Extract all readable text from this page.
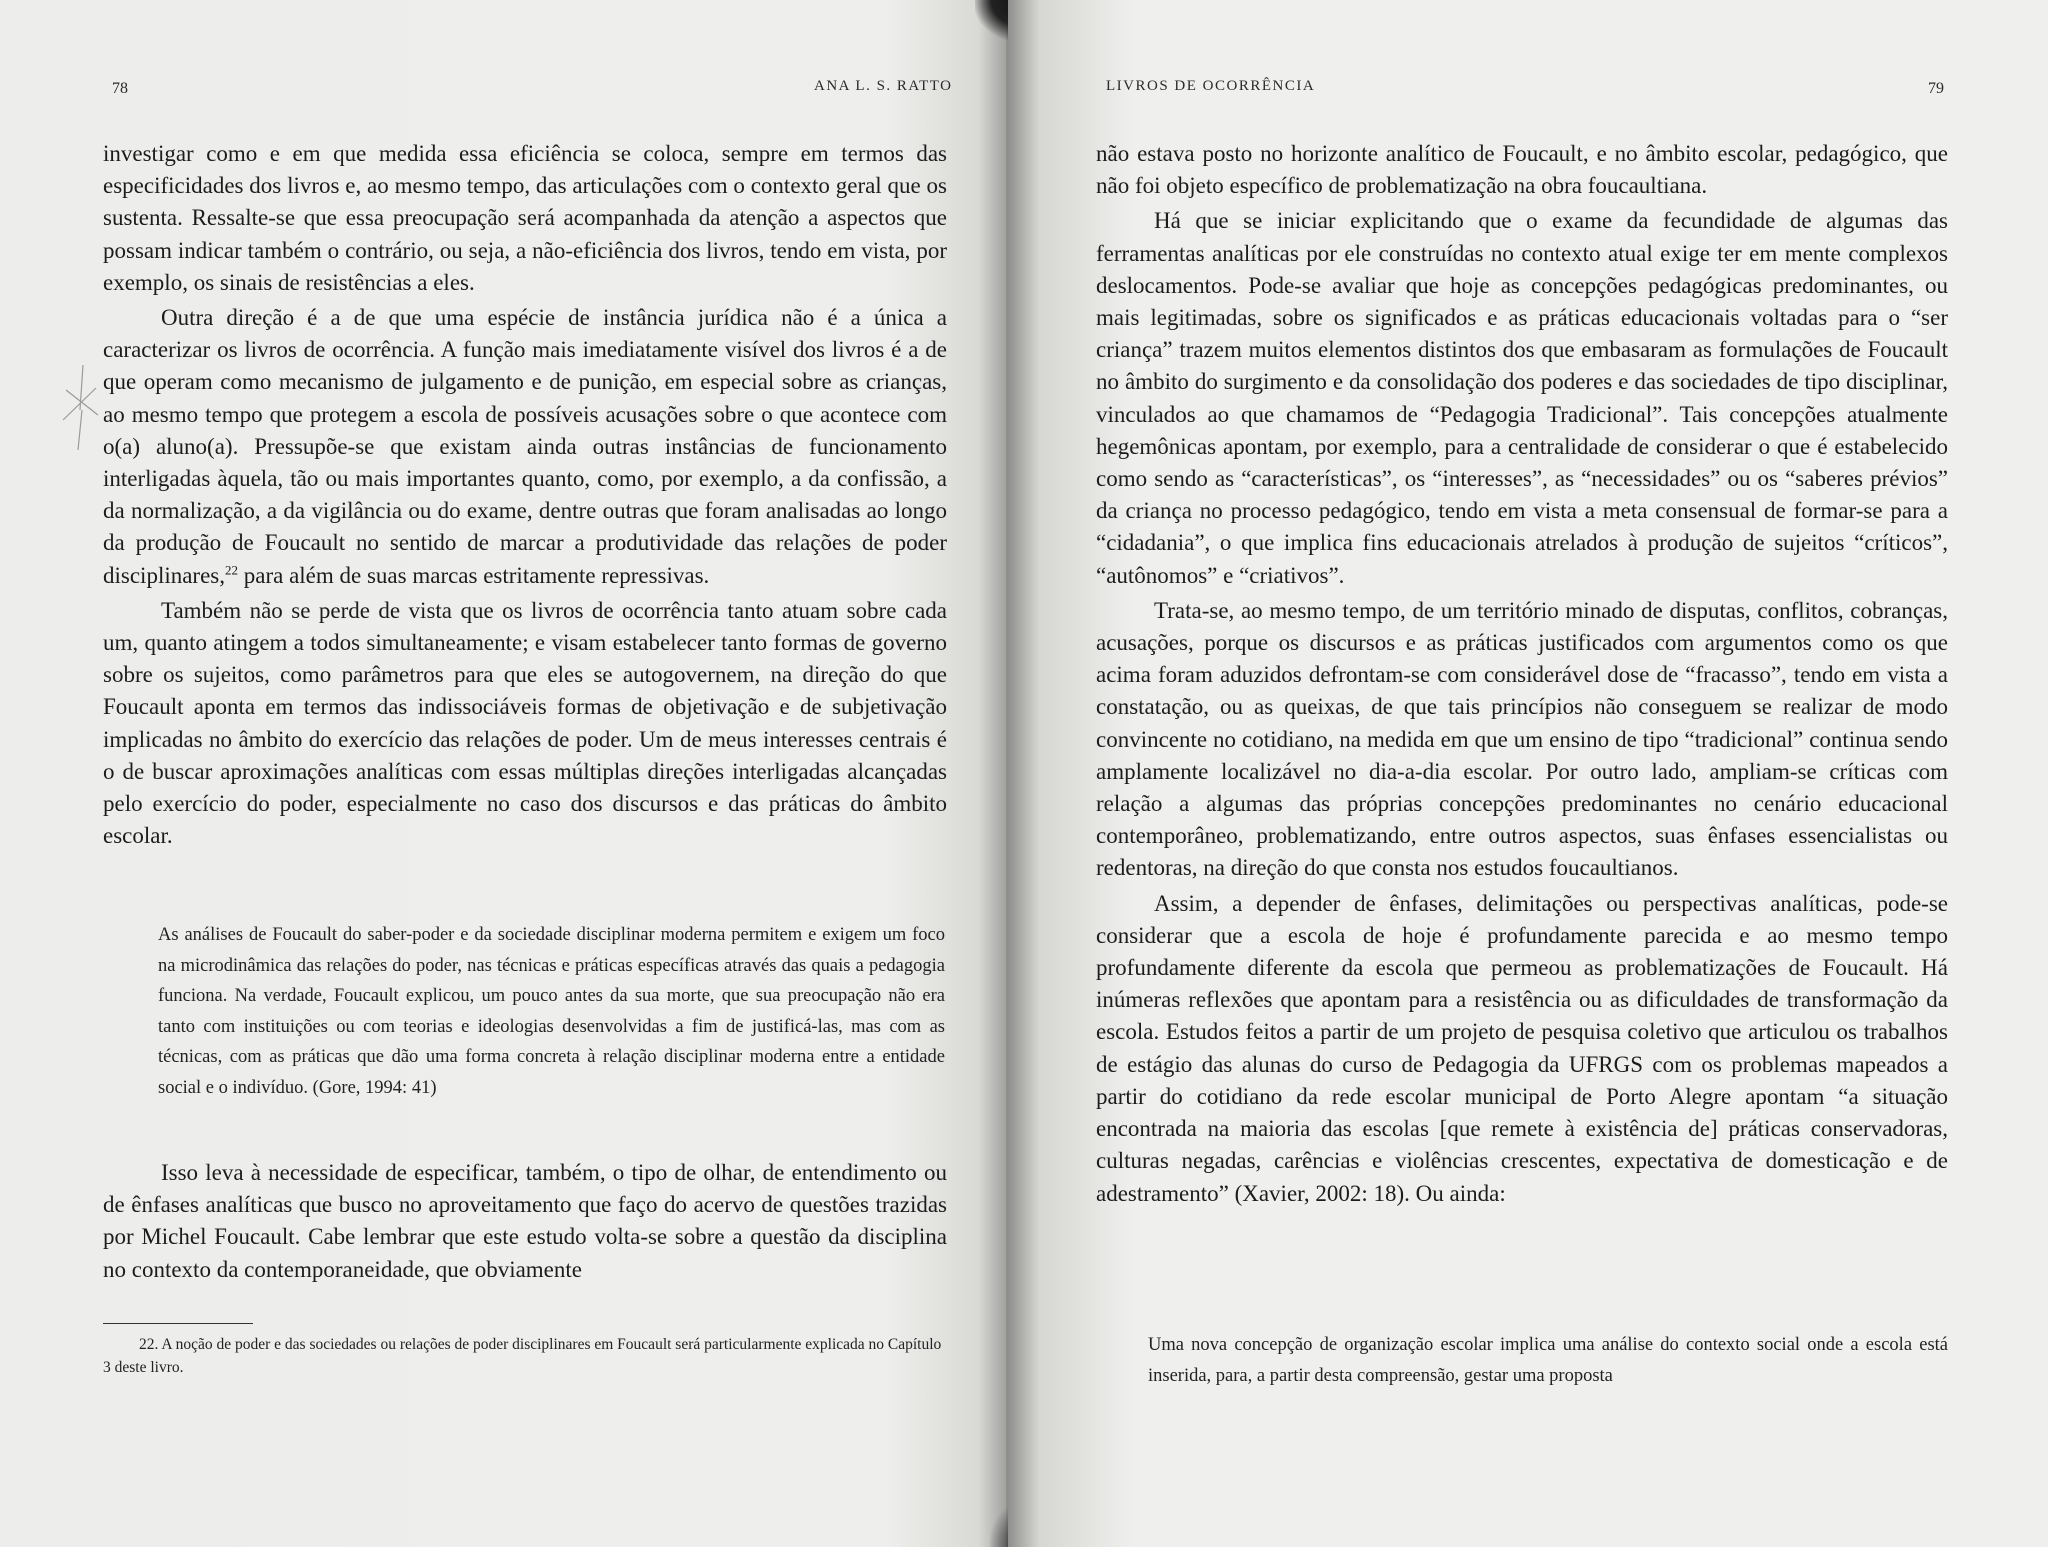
78	ANA L. S. RATTO

investigar como e em que medida essa eficiência se coloca, sempre em termos das especificidades dos livros e, ao mesmo tempo, das articulações com o contexto geral que os sustenta. Ressalte-se que essa preocupação será acompanhada da atenção a aspectos que possam indicar também o contrário, ou seja, a não-eficiência dos livros, tendo em vista, por exemplo, os sinais de resistências a eles.

Outra direção é a de que uma espécie de instância jurídica não é a única a caracterizar os livros de ocorrência. A função mais imediatamente visível dos livros é a de que operam como mecanismo de julgamento e de punição, em especial sobre as crianças, ao mesmo tempo que protegem a escola de possíveis acusações sobre o que acontece com o(a) aluno(a). Pressupõe-se que existam ainda outras instâncias de funcionamento interligadas àquela, tão ou mais importantes quanto, como, por exemplo, a da confissão, a da normalização, a da vigilância ou do exame, dentre outras que foram analisadas ao longo da produção de Foucault no sentido de marcar a produtividade das relações de poder disciplinares,$^{22}$ para além de suas marcas estritamente repressivas.

Também não se perde de vista que os livros de ocorrência tanto atuam sobre cada um, quanto atingem a todos simultaneamente; e visam estabelecer tanto formas de governo sobre os sujeitos, como parâmetros para que eles se autogovernem, na direção do que Foucault aponta em termos das indissociáveis formas de objetivação e de subjetivação implicadas no âmbito do exercício das relações de poder. Um de meus interesses centrais é o de buscar aproximações analíticas com essas múltiplas direções interligadas alcançadas pelo exercício do poder, especialmente no caso dos discursos e das práticas do âmbito escolar.

As análises de Foucault do saber-poder e da sociedade disciplinar moderna permitem e exigem um foco na microdinâmica das relações do poder, nas técnicas e práticas específicas através das quais a pedagogia funciona. Na verdade, Foucault explicou, um pouco antes da sua morte, que sua preocupação não era tanto com instituições ou com teorias e ideologias desenvolvidas a fim de justificá-las, mas com as técnicas, com as práticas que dão uma forma concreta à relação disciplinar moderna entre a entidade social e o indivíduo. (Gore, 1994: 41)

Isso leva à necessidade de especificar, também, o tipo de olhar, de entendimento ou de ênfases analíticas que busco no aproveitamento que faço do acervo de questões trazidas por Michel Foucault. Cabe lembrar que este estudo volta-se sobre a questão da disciplina no contexto da contemporaneidade, que obviamente

22. A noção de poder e das sociedades ou relações de poder disciplinares em Foucault será particularmente explicada no Capítulo 3 deste livro.

LIVROS DE OCORRÊNCIA	79

não estava posto no horizonte analítico de Foucault, e no âmbito escolar, pedagógico, que não foi objeto específico de problematização na obra foucaultiana.

Há que se iniciar explicitando que o exame da fecundidade de algumas das ferramentas analíticas por ele construídas no contexto atual exige ter em mente complexos deslocamentos. Pode-se avaliar que hoje as concepções pedagógicas predominantes, ou mais legitimadas, sobre os significados e as práticas educacionais voltadas para o “ser criança” trazem muitos elementos distintos dos que embasaram as formulações de Foucault no âmbito do surgimento e da consolidação dos poderes e das sociedades de tipo disciplinar, vinculados ao que chamamos de “Pedagogia Tradicional”. Tais concepções atualmente hegemônicas apontam, por exemplo, para a centralidade de considerar o que é estabelecido como sendo as “características”, os “interesses”, as “necessidades” ou os “saberes prévios” da criança no processo pedagógico, tendo em vista a meta consensual de formar-se para a “cidadania”, o que implica fins educacionais atrelados à produção de sujeitos “críticos”, “autônomos” e “criativos”.

Trata-se, ao mesmo tempo, de um território minado de disputas, conflitos, cobranças, acusações, porque os discursos e as práticas justificados com argumentos como os que acima foram aduzidos defrontam-se com considerável dose de “fracasso”, tendo em vista a constatação, ou as queixas, de que tais princípios não conseguem se realizar de modo convincente no cotidiano, na medida em que um ensino de tipo “tradicional” continua sendo amplamente localizável no dia-a-dia escolar. Por outro lado, ampliam-se críticas com relação a algumas das próprias concepções predominantes no cenário educacional contemporâneo, problematizando, entre outros aspectos, suas ênfases essencialistas ou redentoras, na direção do que consta nos estudos foucaultianos.

Assim, a depender de ênfases, delimitações ou perspectivas analíticas, pode-se considerar que a escola de hoje é profundamente parecida e ao mesmo tempo profundamente diferente da escola que permeou as problematizações de Foucault. Há inúmeras reflexões que apontam para a resistência ou as dificuldades de transformação da escola. Estudos feitos a partir de um projeto de pesquisa coletivo que articulou os trabalhos de estágio das alunas do curso de Pedagogia da UFRGS com os problemas mapeados a partir do cotidiano da rede escolar municipal de Porto Alegre apontam “a situação encontrada na maioria das escolas [que remete à existência de] práticas conservadoras, culturas negadas, carências e violências crescentes, expectativa de domesticação e de adestramento” (Xavier, 2002: 18). Ou ainda:

Uma nova concepção de organização escolar implica uma análise do contexto social onde a escola está inserida, para, a partir desta compreensão, gestar uma proposta
